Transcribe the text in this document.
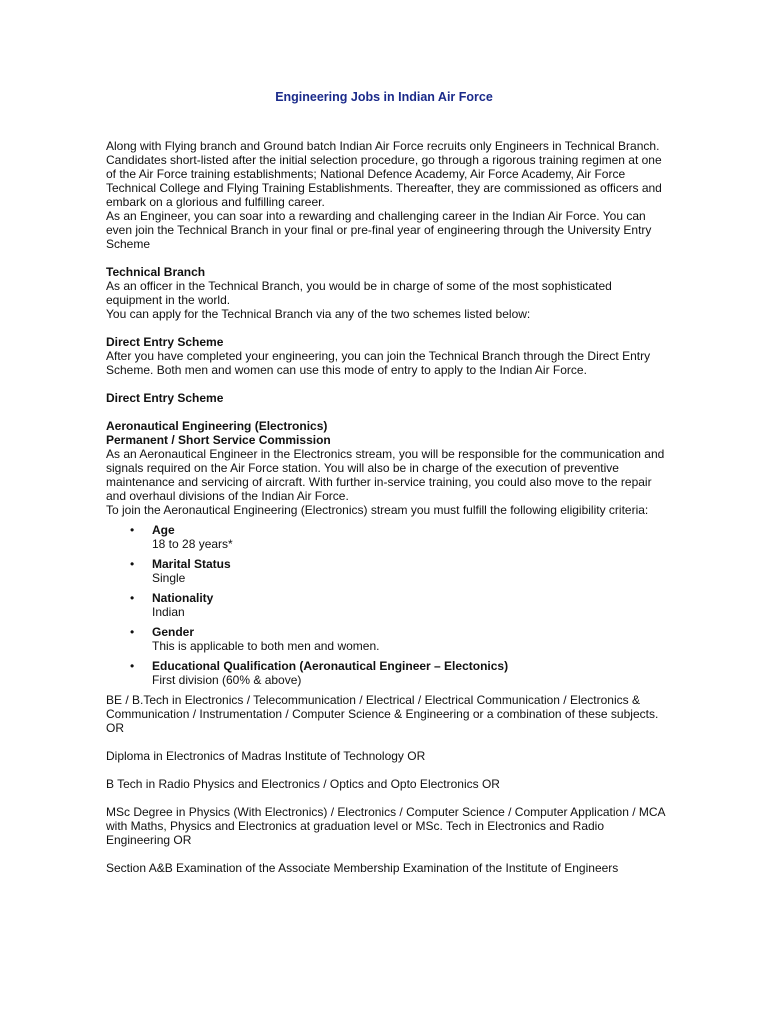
Engineering Jobs in Indian Air Force

Along with Flying branch and Ground batch Indian Air Force recruits only Engineers in Technical Branch. Candidates short-listed after the initial selection procedure, go through a rigorous training regimen at one of the Air Force training establishments; National Defence Academy, Air Force Academy, Air Force Technical College and Flying Training Establishments. Thereafter, they are commissioned as officers and embark on a glorious and fulfilling career.

As an Engineer, you can soar into a rewarding and challenging career in the Indian Air Force. You can even join the Technical Branch in your final or pre-final year of engineering through the University Entry Scheme

Technical Branch

As an officer in the Technical Branch, you would be in charge of some of the most sophisticated equipment in the world.

You can apply for the Technical Branch via any of the two schemes listed below:

Direct Entry Scheme

After you have completed your engineering, you can join the Technical Branch through the Direct Entry Scheme. Both men and women can use this mode of entry to apply to the Indian Air Force.

Direct Entry Scheme

Aeronautical Engineering (Electronics)

Permanent / Short Service Commission

As an Aeronautical Engineer in the Electronics stream, you will be responsible for the communication and signals required on the Air Force station. You will also be in charge of the execution of preventive maintenance and servicing of aircraft. With further in-service training, you could also move to the repair and overhaul divisions of the Indian Air Force.

To join the Aeronautical Engineering (Electronics) stream you must fulfill the following eligibility criteria:

• Age
18 to 28 years*
• Marital Status
Single
• Nationality
Indian
• Gender
This is applicable to both men and women.
• Educational Qualification (Aeronautical Engineer – Electonics)
First division (60% & above)

BE / B.Tech in Electronics / Telecommunication / Electrical / Electrical Communication / Electronics & Communication / Instrumentation / Computer Science & Engineering or a combination of these subjects. OR

Diploma in Electronics of Madras Institute of Technology OR

B Tech in Radio Physics and Electronics / Optics and Opto Electronics OR

MSc Degree in Physics (With Electronics) / Electronics / Computer Science / Computer Application / MCA with Maths, Physics and Electronics at graduation level or MSc. Tech in Electronics and Radio Engineering OR

Section A&B Examination of the Associate Membership Examination of the Institute of Engineers
